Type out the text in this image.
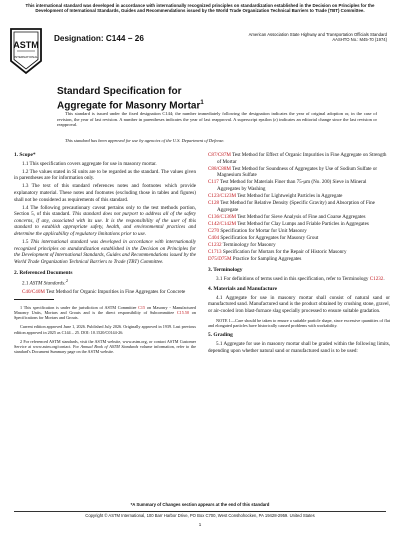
This international standard was developed in accordance with internationally recognized principles on standardization established in the Decision on Principles for the Development of International Standards, Guides and Recommendations issued by the World Trade Organization Technical Barriers to Trade (TBT) Committee.
ASTM
INTERNATIONAL
Designation: C144 − 26	American Association State Highway and Transportation Officials Standard
AASHTO No.: M45-70 (1974)
Standard Specification for
Aggregate for Masonry Mortar$^1$
This standard is issued under the fixed designation C144; the number immediately following the designation indicates the year of original adoption or, in the case of revision, the year of last revision. A number in parentheses indicates the year of last reapproval. A superscript epsilon (ε) indicates an editorial change since the last revision or reapproval.
This standard has been approved for use by agencies of the U.S. Department of Defense.
1. Scope*

1.1 This specification covers aggregate for use in masonry mortar.

1.2 The values stated in SI units are to be regarded as the standard. The values given in parentheses are for information only.

1.3 The text of this standard references notes and footnotes which provide explanatory material. These notes and footnotes (excluding those in tables and figures) shall not be considered as requirements of this standard.

1.4 The following precautionary caveat pertains only to the test methods portion, Section 5, of this standard. This standard does not purport to address all of the safety concerns, if any, associated with its use. It is the responsibility of the user of this standard to establish appropriate safety, health, and environmental practices and determine the applicability of regulatory limitations prior to use.

1.5 This international standard was developed in accordance with internationally recognized principles on standardization established in the Decision on Principles for the Development of International Standards, Guides and Recommendations issued by the World Trade Organization Technical Barriers to Trade (TBT) Committee.

2. Referenced Documents

2.1 ASTM Standards:$^2$

C40/C40M Test Method for Organic Impurities in Fine Aggregates for Concrete

1 This specification is under the jurisdiction of ASTM Committee C15 on Masonry - Manufactured Masonry Units, Mortars and Grouts and is the direct responsibility of Subcommittee C15.50 on Specifications for Mortars and Grouts.

Current edition approved June 1, 2026. Published July 2026. Originally approved in 1939. Last previous edition approved in 2025 as C144 – 25. DOI: 10.1520/C0144-26.

2 For referenced ASTM standards, visit the ASTM website, www.astm.org, or contact ASTM Customer Service at www.astm.org/contact. For Annual Book of ASTM Standards volume information, refer to the standard's Document Summary page on the ASTM website.

C87/C87M Test Method for Effect of Organic Impurities in Fine Aggregate on Strength of Mortar

C88/C88M Test Method for Soundness of Aggregates by Use of Sodium Sulfate or Magnesium Sulfate

C117 Test Method for Materials Finer than 75-μm (No. 200) Sieve in Mineral Aggregates by Washing

C123/C123M Test Method for Lightweight Particles in Aggregate

C128 Test Method for Relative Density (Specific Gravity) and Absorption of Fine Aggregate

C136/C136M Test Method for Sieve Analysis of Fine and Coarse Aggregates

C142/C142M Test Method for Clay Lumps and Friable Particles in Aggregates

C270 Specification for Mortar for Unit Masonry

C404 Specification for Aggregates for Masonry Grout

C1232 Terminology for Masonry

C1713 Specification for Mortars for the Repair of Historic Masonry

D75/D75M Practice for Sampling Aggregates

3. Terminology

3.1 For definitions of terms used in this specification, refer to Terminology C1232.

4. Materials and Manufacture

4.1 Aggregate for use in masonry mortar shall consist of natural sand or manufactured sand. Manufactured sand is the product obtained by crushing stone, gravel, or air-cooled iron blast-furnace slag specially processed to ensure suitable gradation.

NOTE 1—Care should be taken to ensure a suitable particle shape, since excessive quantities of flat and elongated particles have historically caused problems with workability.

5. Grading

5.1 Aggregate for use in masonry mortar shall be graded within the following limits, depending upon whether natural sand or manufactured sand is to be used:

*A Summary of Changes section appears at the end of this standard
Copyright © ASTM International, 100 Barr Harbor Drive, PO Box C700, West Conshohocken, PA 19428-2959. United States
1
